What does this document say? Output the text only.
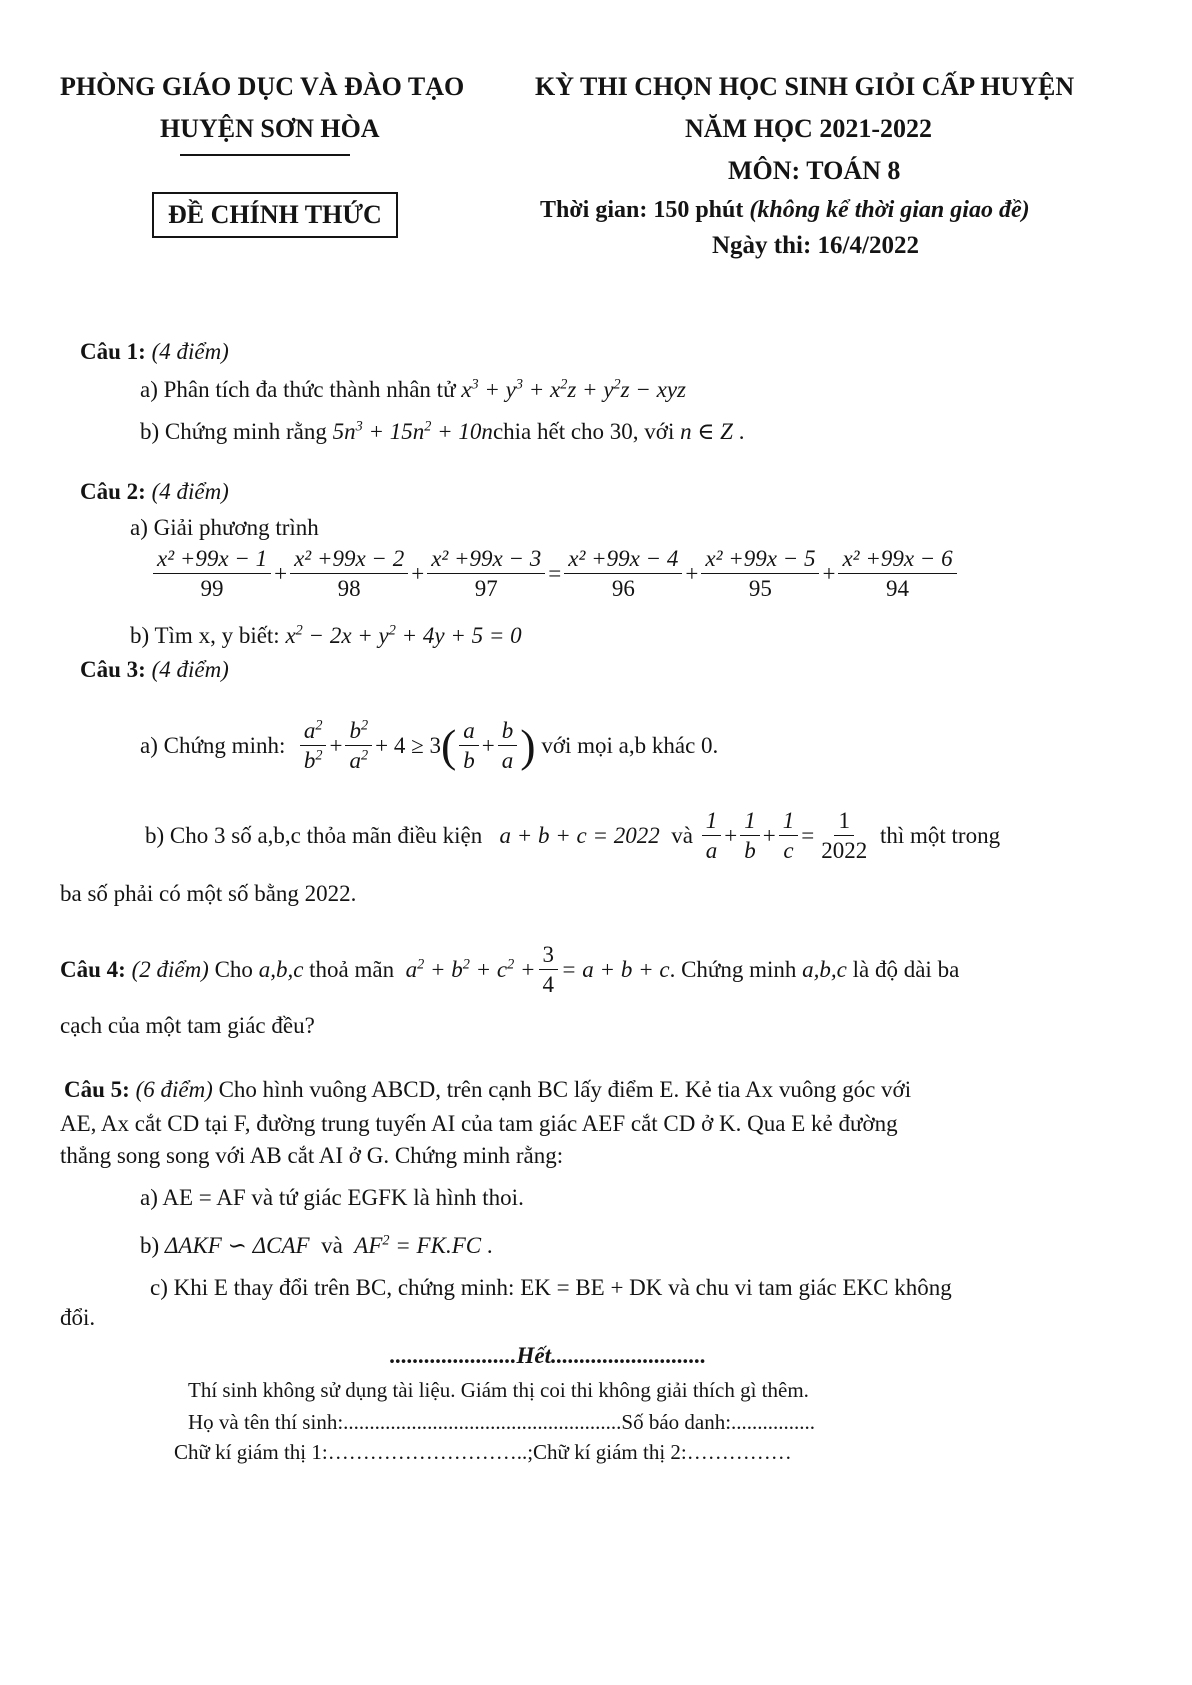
PHÒNG GIÁO DỤC VÀ ĐÀO TẠO
HUYỆN SƠN HÒA
ĐỀ CHÍNH THỨC
KỲ THI CHỌN HỌC SINH GIỎI CẤP HUYỆN
NĂM HỌC 2021-2022
MÔN: TOÁN 8
Thời gian: 150 phút (không kể thời gian giao đề)
Ngày thi: 16/4/2022
Câu 1: (4 điểm)
a) Phân tích đa thức thành nhân tử $x^3 + y^3 + x^2z + y^2z$ − xyz
b) Chứng minh rằng $5n^3 + 15n^2$ + 10nchia hết cho 30, với n ∈ Z .
Câu 2: (4 điểm)
a) Giải phương trình
$\frac{\text{x² +99x − 1}}{99} + \frac{\text{x² +99x − 2}}{98} + \frac{\text{x² +99x − 3}}{97} = \frac{\text{x² +99x − 4}}{96} + \frac{\text{x² +99x − 5}}{95} + \frac{\text{x² +99x − 6}}{94}$
b) Tìm x, y biết: $x^2 - 2x + y^2 + 4y + 5 = 0$
Câu 3: (4 điểm)
a) Chứng minh:
$\frac{a^2}{b^2} + \frac{b^2}{a^2} + 4 \ge 3$ ( $\frac{a}{b} + \frac{b}{a}$ )
với mọi a,b khác 0.
b) Cho 3 số a,b,c thỏa mãn điều kiện
a + b + c = 2022
và
$\frac{1}{a} + \frac{1}{b} + \frac{1}{c} = \frac{1}{2022}$
thì một trong
ba số phải có một số bằng 2022.
Câu 4:
(2 điểm)
Cho
a,b,c
thoả mãn
$a^2 + b^2 + c^2 + \frac{3}{4} = a + b + c$ . Chứng minh
a,b,c
là độ dài ba
cạch của một tam giác đều?
Câu 5: (6 điểm) Cho hình vuông ABCD, trên cạnh BC lấy điểm E. Kẻ tia Ax vuông góc với
AE, Ax cắt CD tại F, đường trung tuyến AI của tam giác AEF cắt CD ở K. Qua E kẻ đường
thẳng song song với AB cắt AI ở G. Chứng minh rằng:
a) AE = AF và tứ giác EGFK là hình thoi.
b) ΔAKF ∽ ΔCAF và $AF^2 = FK.FC$ .
c) Khi E thay đổi trên BC, chứng minh: EK = BE + DK và chu vi tam giác EKC không
đổi.
......................Hết...........................
Thí sinh không sử dụng tài liệu. Giám thị coi thi không giải thích gì thêm.
Họ và tên thí sinh:.....................................................Số báo danh:................
Chữ kí giám thị 1:………………………..;Chữ kí giám thị 2:……………
